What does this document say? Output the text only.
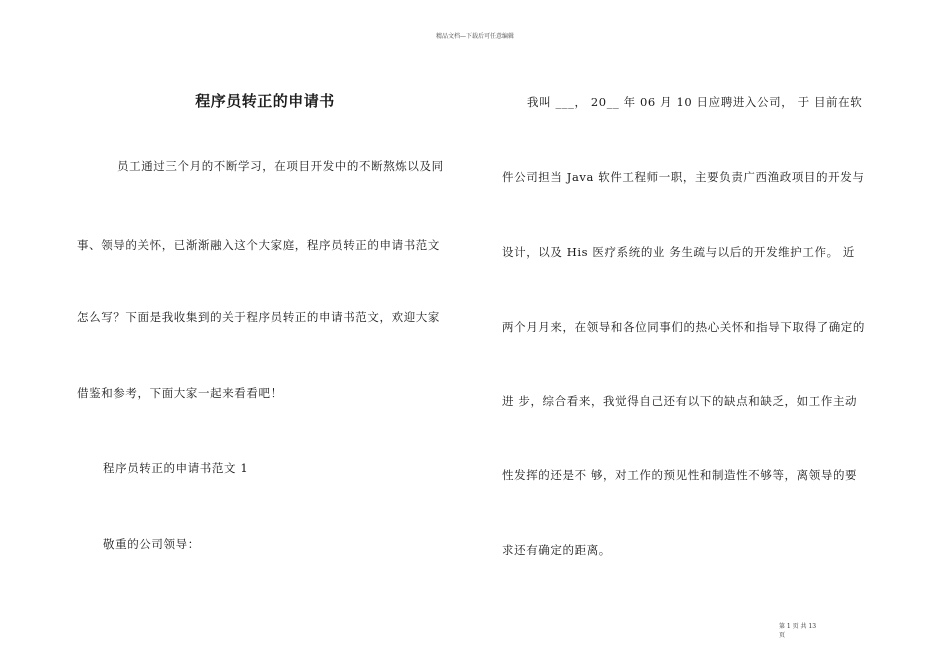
精品文档—下载后可任意编辑
程序员转正的申请书
员工通过三个月的不断学习，在项目开发中的不断熬炼以及同
事、领导的关怀，已渐渐融入这个大家庭，程序员转正的申请书范文
怎么写？下面是我收集到的关于程序员转正的申请书范文，欢迎大家
借鉴和参考，下面大家一起来看看吧！
程序员转正的申请书范文 1
敬重的公司领导：
我叫 ___， 20__ 年 06 月 10 日应聘进入公司， 于 目前在软
件公司担当 Java 软件工程师一职，主要负责广西渔政项目的开发与
设计，以及 His 医疗系统的业 务生疏与以后的开发维护工作。 近
两个月月来，在领导和各位同事们的热心关怀和指导下取得了确定的
进 步，综合看来，我觉得自己还有以下的缺点和缺乏，如工作主动
性发挥的还是不 够，对工作的预见性和制造性不够等，离领导的要
求还有确定的距离。
第 1 页 共 13
页
